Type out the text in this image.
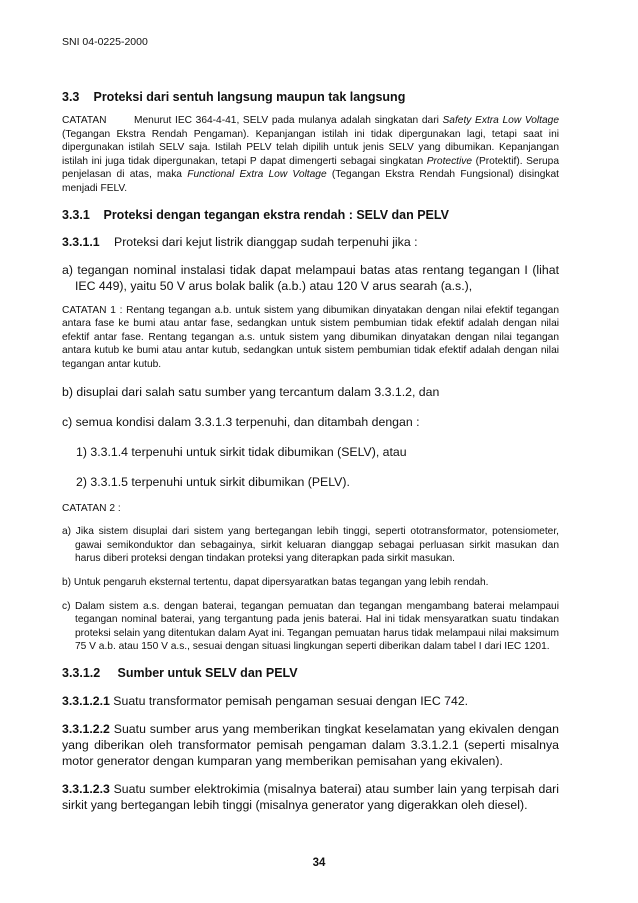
SNI 04-0225-2000

3.3 Proteksi dari sentuh langsung maupun tak langsung

CATATAN	Menurut IEC 364-4-41, SELV pada mulanya adalah singkatan dari Safety Extra Low Voltage (Tegangan Ekstra Rendah Pengaman). Kepanjangan istilah ini tidak dipergunakan lagi, tetapi saat ini dipergunakan istilah SELV saja. Istilah PELV telah dipilih untuk jenis SELV yang dibumikan. Kepanjangan istilah ini juga tidak dipergunakan, tetapi P dapat dimengerti sebagai singkatan Protective (Protektif). Serupa penjelasan di atas, maka Functional Extra Low Voltage (Tegangan Ekstra Rendah Fungsional) disingkat menjadi FELV.

3.3.1 Proteksi dengan tegangan ekstra rendah : SELV dan PELV

3.3.1.1 Proteksi dari kejut listrik dianggap sudah terpenuhi jika :

a) tegangan nominal instalasi tidak dapat melampaui batas atas rentang tegangan I (lihat IEC 449), yaitu 50 V arus bolak balik (a.b.) atau 120 V arus searah (a.s.),

CATATAN 1 : Rentang tegangan a.b. untuk sistem yang dibumikan dinyatakan dengan nilai efektif tegangan antara fase ke bumi atau antar fase, sedangkan untuk sistem pembumian tidak efektif adalah dengan nilai efektif antar fase. Rentang tegangan a.s. untuk sistem yang dibumikan dinyatakan dengan nilai tegangan antara kutub ke bumi atau antar kutub, sedangkan untuk sistem pembumian tidak efektif adalah dengan nilai tegangan antar kutub.

b) disuplai dari salah satu sumber yang tercantum dalam 3.3.1.2, dan

c) semua kondisi dalam 3.3.1.3 terpenuhi, dan ditambah dengan :

1) 3.3.1.4 terpenuhi untuk sirkit tidak dibumikan (SELV), atau

2) 3.3.1.5 terpenuhi untuk sirkit dibumikan (PELV).

CATATAN 2 :

a) Jika sistem disuplai dari sistem yang bertegangan lebih tinggi, seperti ototransformator, potensiometer, gawai semikonduktor dan sebagainya, sirkit keluaran dianggap sebagai perluasan sirkit masukan dan harus diberi proteksi dengan tindakan proteksi yang diterapkan pada sirkit masukan.

b) Untuk pengaruh eksternal tertentu, dapat dipersyaratkan batas tegangan yang lebih rendah.

c) Dalam sistem a.s. dengan baterai, tegangan pemuatan dan tegangan mengambang baterai melampaui tegangan nominal baterai, yang tergantung pada jenis baterai. Hal ini tidak mensyaratkan suatu tindakan proteksi selain yang ditentukan dalam Ayat ini. Tegangan pemuatan harus tidak melampaui nilai maksimum 75 V a.b. atau 150 V a.s., sesuai dengan situasi lingkungan seperti diberikan dalam tabel I dari IEC 1201.

3.3.1.2 Sumber untuk SELV dan PELV

3.3.1.2.1 Suatu transformator pemisah pengaman sesuai dengan IEC 742.

3.3.1.2.2 Suatu sumber arus yang memberikan tingkat keselamatan yang ekivalen dengan yang diberikan oleh transformator pemisah pengaman dalam 3.3.1.2.1 (seperti misalnya motor generator dengan kumparan yang memberikan pemisahan yang ekivalen).

3.3.1.2.3 Suatu sumber elektrokimia (misalnya baterai) atau sumber lain yang terpisah dari sirkit yang bertegangan lebih tinggi (misalnya generator yang digerakkan oleh diesel).

34
